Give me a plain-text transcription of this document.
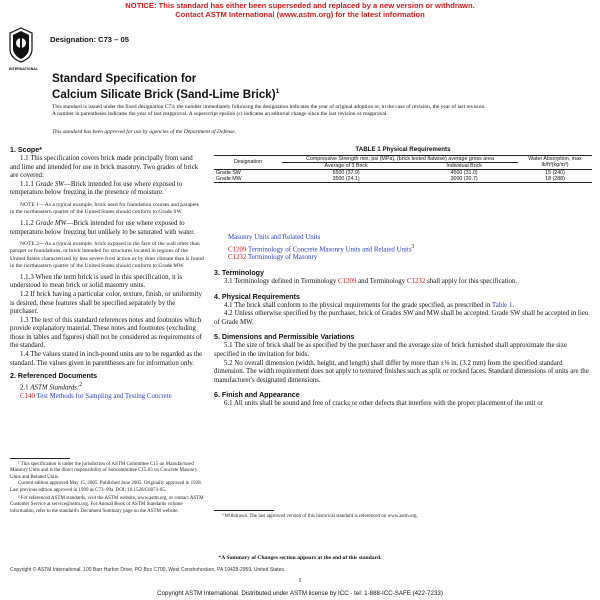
NOTICE: This standard has either been superseded and replaced by a new version or withdrawn.
Contact ASTM International (www.astm.org) for the latest information
INTERNATIONAL
Designation: C73 – 05
Standard Specification for
Calcium Silicate Brick (Sand-Lime Brick)$^1$
This standard is issued under the fixed designation C73; the number immediately following the designation indicates the year of original adoption or, in the case of revision, the year of last revision. A number in parentheses indicates the year of last reapproval. A superscript epsilon (ε) indicates an editorial change since the last revision or reapproval.
This standard has been approved for use by agencies of the Department of Defense.
1. Scope*

1.1 This specification covers brick made principally from sand and lime and intended for use in brick masonry. Two grades of brick are covered:

1.1.1 Grade SW—Brick intended for use where exposed to temperature below freezing in the presence of moisture.

NOTE 1—As a typical example, brick used for foundation courses and parapets in the northeastern quarter of the United States should conform to Grade SW.

1.1.2 Grade MW—Brick intended for use where exposed to temperature below freezing but unlikely to be saturated with water.

NOTE 2—As a typical example, brick exposed in the face of the wall other than parapet or foundations, or brick intended for structures located in regions of the United States characterized by less severe frost action or by drier climate than is found in the northeastern quarter of the United States should conform to Grade MW.

1.1.3 When the term brick is used in this specification, it is understood to mean brick or solid masonry units.

1.2 If brick having a particular color, texture, finish, or uniformity is desired, these features shall be specified separately by the purchaser.

1.3 The text of this standard references notes and footnotes which provide explanatory material. These notes and footnotes (excluding those in tables and figures) shall not be considered as requirements of the standard.

1.4 The values stated in inch-pound units are to be regarded as the standard. The values given in parentheses are for information only.

2. Referenced Documents

2.1 ASTM Standards:$^2$

C140 Test Methods for Sampling and Testing Concrete

¹ This specification is under the jurisdiction of ASTM Committee C15 on Manufactured Masonry Units and is the direct responsibility of Subcommittee C15.03 on Concrete Masonry Units and Related Units.

Current edition approved May 15, 2005. Published June 2005. Originally approved in 1928. Last previous edition approved in 1999 as C73–99a. DOI: 10.1520/C0073-05.

² For referenced ASTM standards, visit the ASTM website, www.astm.org, or contact ASTM Customer Service at service@astm.org. For Annual Book of ASTM Standards volume information, refer to the standard's Document Summary page on the ASTM website.

TABLE 1 Physical Requirements
Designation	Compressive Strength min, psi (MPa), (brick tested flatwise) average gross area		Water Absorption, max lb/ft³(kg/m³)
	Average of 3 Brick	Individual Brick	

Grade SW	5500 (37.9)	4500 (31.0)	15 (240)
Grade MW	3500 (24.1)	3000 (20.7)	18 (288)

Masonry Units and Related Units

C1209 Terminology of Concrete Masonry Units and Related Units$^3$

C1232 Terminology of Masonry

3. Terminology

3.1 Terminology defined in Terminology C1209 and Terminology C1232 shall apply for this specification.

4. Physical Requirements

4.1 The brick shall conform to the physical requirements for the grade specified, as prescribed in Table 1.

4.2 Unless otherwise specified by the purchaser, brick of Grades SW and MW shall be accepted. Grade SW shall be accepted in lieu of Grade MW.

5. Dimensions and Permissible Variations

5.1 The size of brick shall be as specified by the purchaser and the average size of brick furnished shall approximate the size specified in the invitation for bids.

5.2 No overall dimension (width, height, and length) shall differ by more than ±⅛ in. (3.2 mm) from the specified standard dimension. The width requirement does not apply to textured finishes such as split or rocked faces. Standard dimensions of units are the manufacturer's designated dimensions.

6. Finish and Appearance

6.1 All units shall be sound and free of cracks or other defects that interfere with the proper placement of the unit or

³ Withdrawn. The last approved version of this historical standard is referenced on www.astm.org.
*A Summary of Changes section appears at the end of this standard.
Copyright © ASTM International, 100 Barr Harbor Drive, PO Box C700, West Conshohocken, PA 19428-2959, United States.
1
Copyright ASTM International. Distributed under ASTM license by ICC - tel: 1-888-ICC-SAFE (422-7233)
